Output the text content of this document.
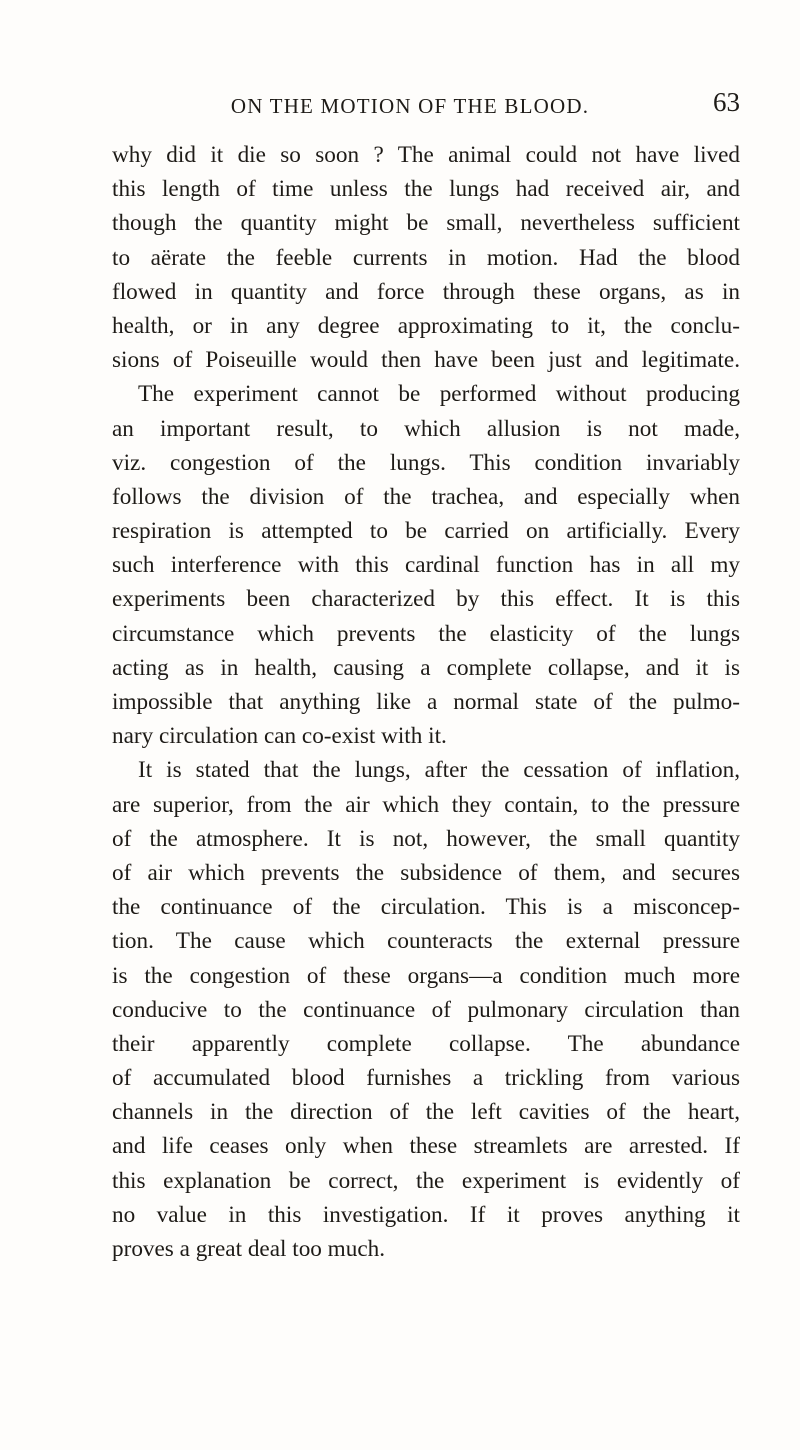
ON THE MOTION OF THE BLOOD.	63
why did it die so soon ? The animal could not have lived
this length of time unless the lungs had received air, and
though the quantity might be small, nevertheless sufficient
to aërate the feeble currents in motion. Had the blood
flowed in quantity and force through these organs, as in
health, or in any degree approximating to it, the conclu-
sions of Poiseuille would then have been just and legitimate.
The experiment cannot be performed without producing
an important result, to which allusion is not made,
viz. congestion of the lungs. This condition invariably
follows the division of the trachea, and especially when
respiration is attempted to be carried on artificially. Every
such interference with this cardinal function has in all my
experiments been characterized by this effect. It is this
circumstance which prevents the elasticity of the lungs
acting as in health, causing a complete collapse, and it is
impossible that anything like a normal state of the pulmo-
nary circulation can co-exist with it.
It is stated that the lungs, after the cessation of inflation,
are superior, from the air which they contain, to the pressure
of the atmosphere. It is not, however, the small quantity
of air which prevents the subsidence of them, and secures
the continuance of the circulation. This is a misconcep-
tion. The cause which counteracts the external pressure
is the congestion of these organs—a condition much more
conducive to the continuance of pulmonary circulation than
their apparently complete collapse. The abundance
of accumulated blood furnishes a trickling from various
channels in the direction of the left cavities of the heart,
and life ceases only when these streamlets are arrested. If
this explanation be correct, the experiment is evidently of
no value in this investigation. If it proves anything it
proves a great deal too much.
